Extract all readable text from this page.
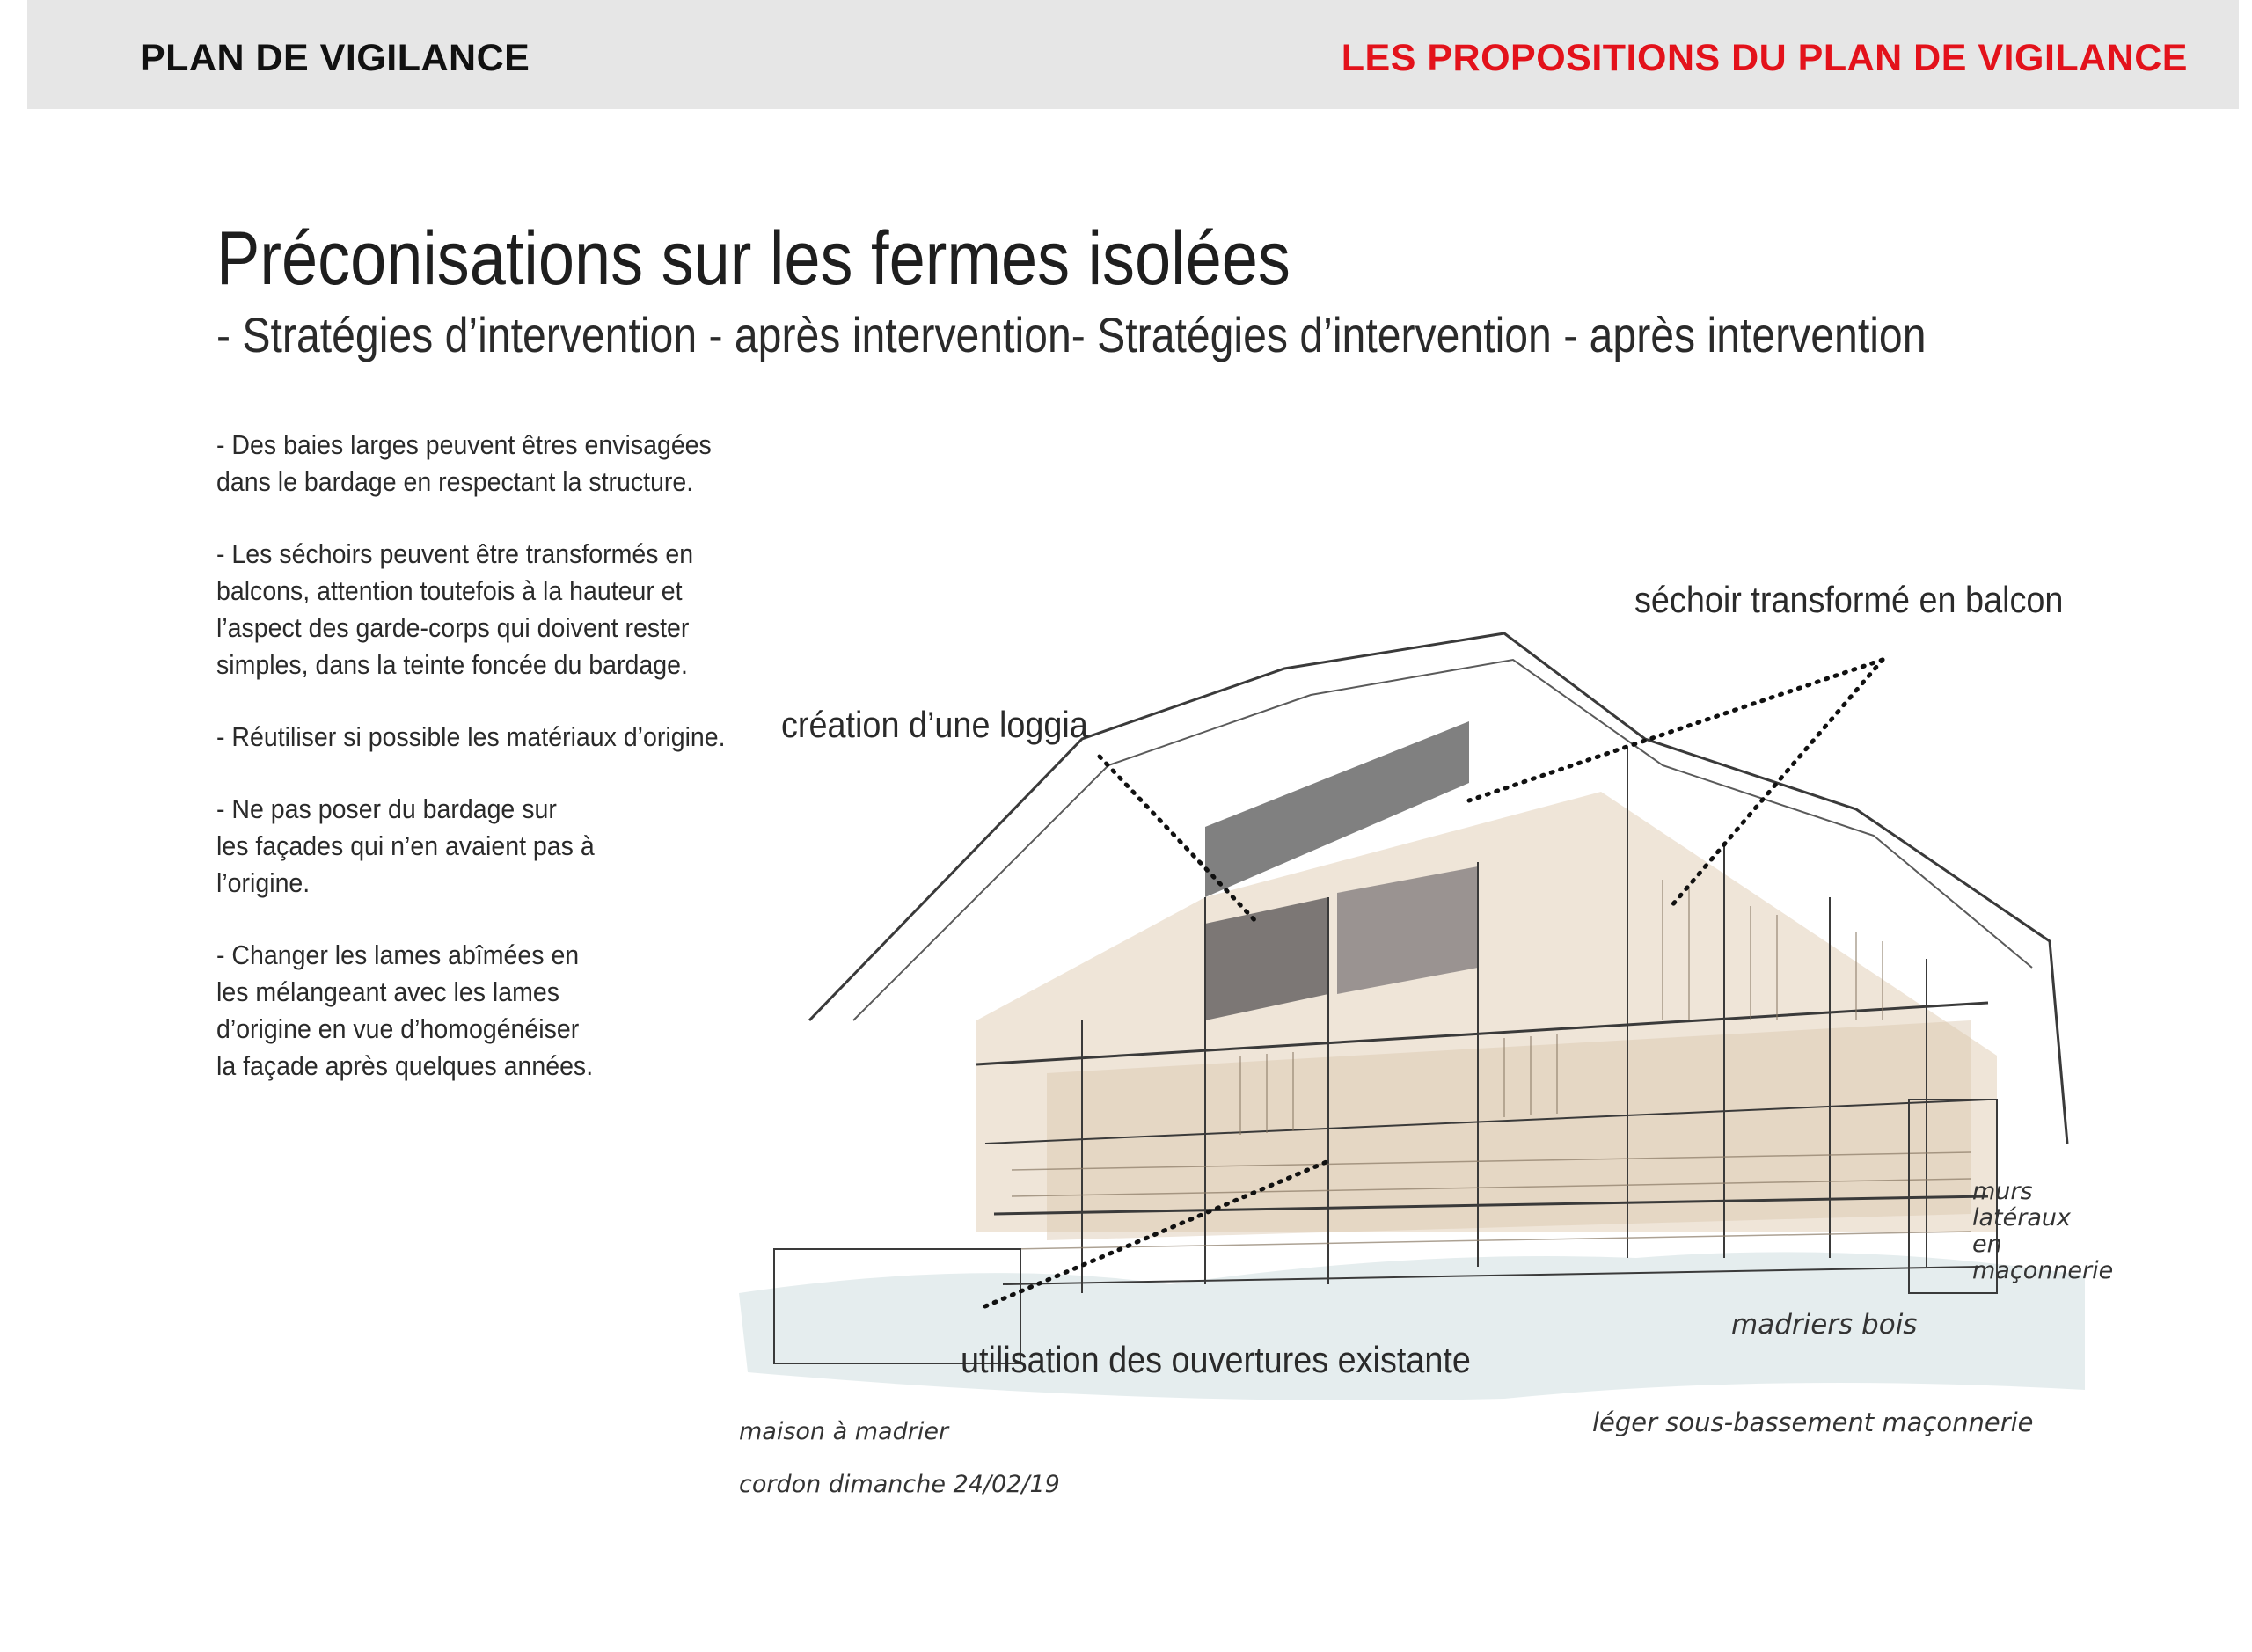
PLAN DE VIGILANCE	LES PROPOSITIONS DU PLAN DE VIGILANCE
Préconisations sur les fermes isolées
- Stratégies d’intervention - après intervention- Stratégies d’intervention - après intervention

- Des baies larges peuvent êtres envisagées
dans le bardage en respectant la structure.

- Les séchoirs peuvent être transformés en
balcons, attention toutefois à la hauteur et
l’aspect des garde-corps qui doivent rester
simples, dans la teinte foncée du bardage.

- Réutiliser si possible les matériaux d’origine.

- Ne pas poser du bardage sur
les façades qui n’en avaient pas à
l’origine.

- Changer les lames abîmées en
les mélangeant avec les lames
d’origine en vue d’homogénéiser
la façade après quelques années.

séchoir transformé en balcon
création d’une loggia
utilisation des ouvertures existante
murs
latéraux
en
maçonnerie
madriers bois
léger sous-bassement maçonnerie
maison à madrier
cordon dimanche 24/02/19
